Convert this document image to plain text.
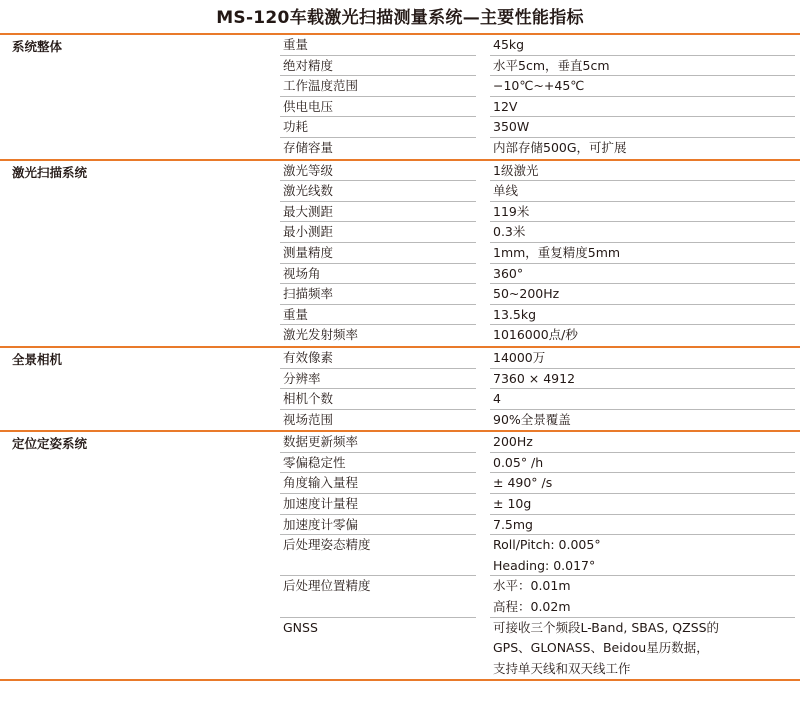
MS-120车载激光扫描测量系统—主要性能指标
系统整体	重量	45kg
绝对精度	水平5cm，垂直5cm
工作温度范围	−10℃~+45℃
供电电压	12V
功耗	350W
存储容量	内部存储500G，可扩展
激光扫描系统	激光等级	1级激光
激光线数	单线
最大测距	119米
最小测距	0.3米
测量精度	1mm，重复精度5mm
视场角	360°
扫描频率	50~200Hz
重量	13.5kg
激光发射频率	1016000点/秒
全景相机	有效像素	14000万
分辨率	7360 × 4912
相机个数	4
视场范围	90%全景覆盖
定位定姿系统	数据更新频率	200Hz
零偏稳定性	0.05° /h
角度输入量程	± 490° /s
加速度计量程	± 10g
加速度计零偏	7.5mg
后处理姿态精度	Roll/Pitch: 0.005°
Heading: 0.017°
后处理位置精度	水平：0.01m
高程：0.02m
GNSS	可接收三个频段L-Band, SBAS, QZSS的
GPS、GLONASS、Beidou星历数据，
支持单天线和双天线工作
